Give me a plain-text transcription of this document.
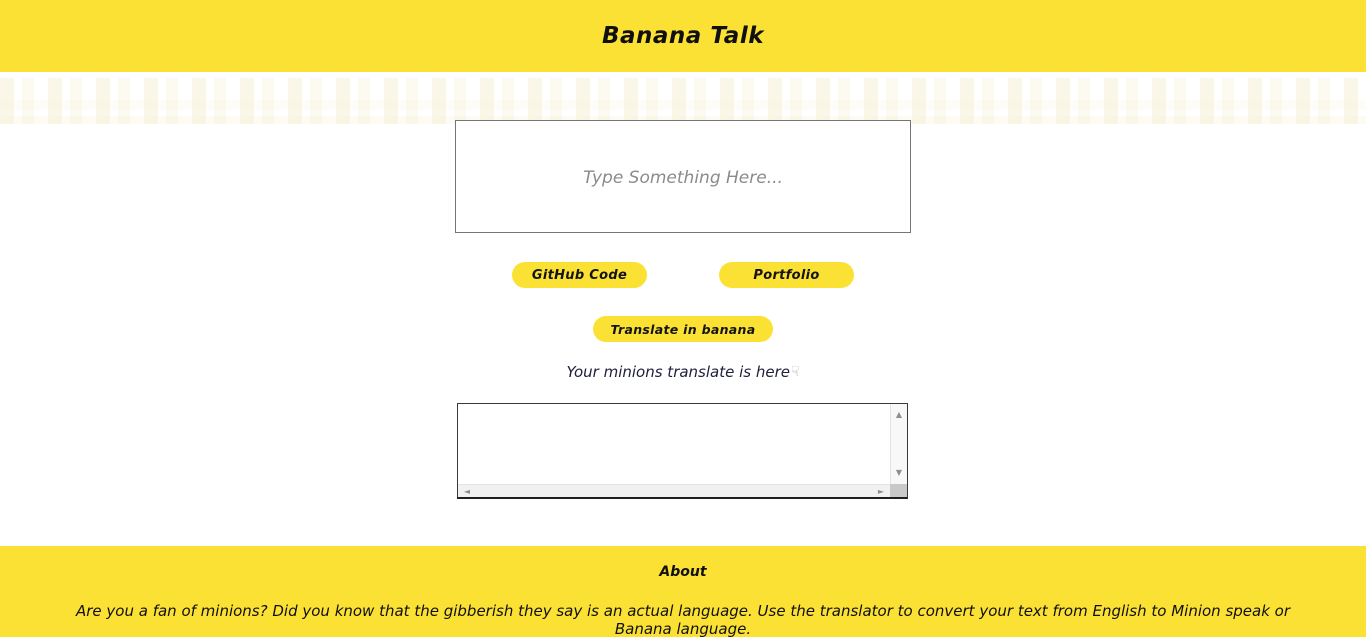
Banana Talk
Type Something Here...
GitHub Code	Portfolio
Translate in banana
Your minions translate is here☟
▲
▼
◄	►
About

Are you a fan of minions? Did you know that the gibberish they say is an actual language. Use the translator to convert your text from English to Minion speak or Banana language.
